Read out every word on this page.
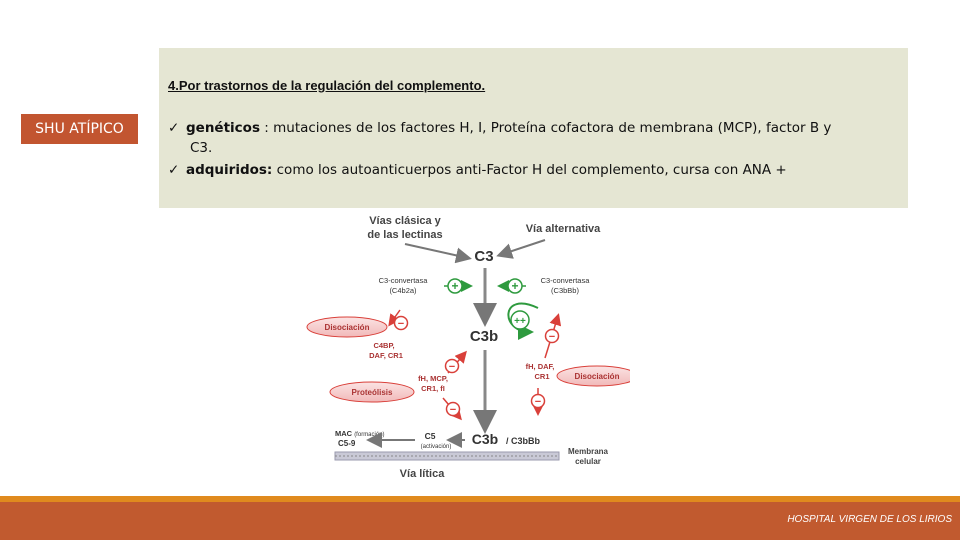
4.Por trastornos de la regulación del complemento.
✓ genéticos : mutaciones de los factores H, I, Proteína cofactora de membrana (MCP), factor B y
C3.
✓ adquiridos: como los autoanticuerpos anti-Factor H del complemento, cursa con ANA +
SHU ATÍPICO
Vías clásica y
de las lectinas	Vía alternativa
C3
C3-convertasa
(C4b2a)
C3-convertasa
(C3bBb)
+	+
++
C3b
Disociación	−
C4BP,
DAF, CR1
−
fH, DAF,
CR1	Disociación
−
−
fH, MCP,
CR1, fI
Proteólisis
−
MAC (formación)
C5-9
C5
(activación) C3b / C3bBb
Membrana
celular
Vía lítica
HOSPITAL VIRGEN DE LOS LIRIOS
